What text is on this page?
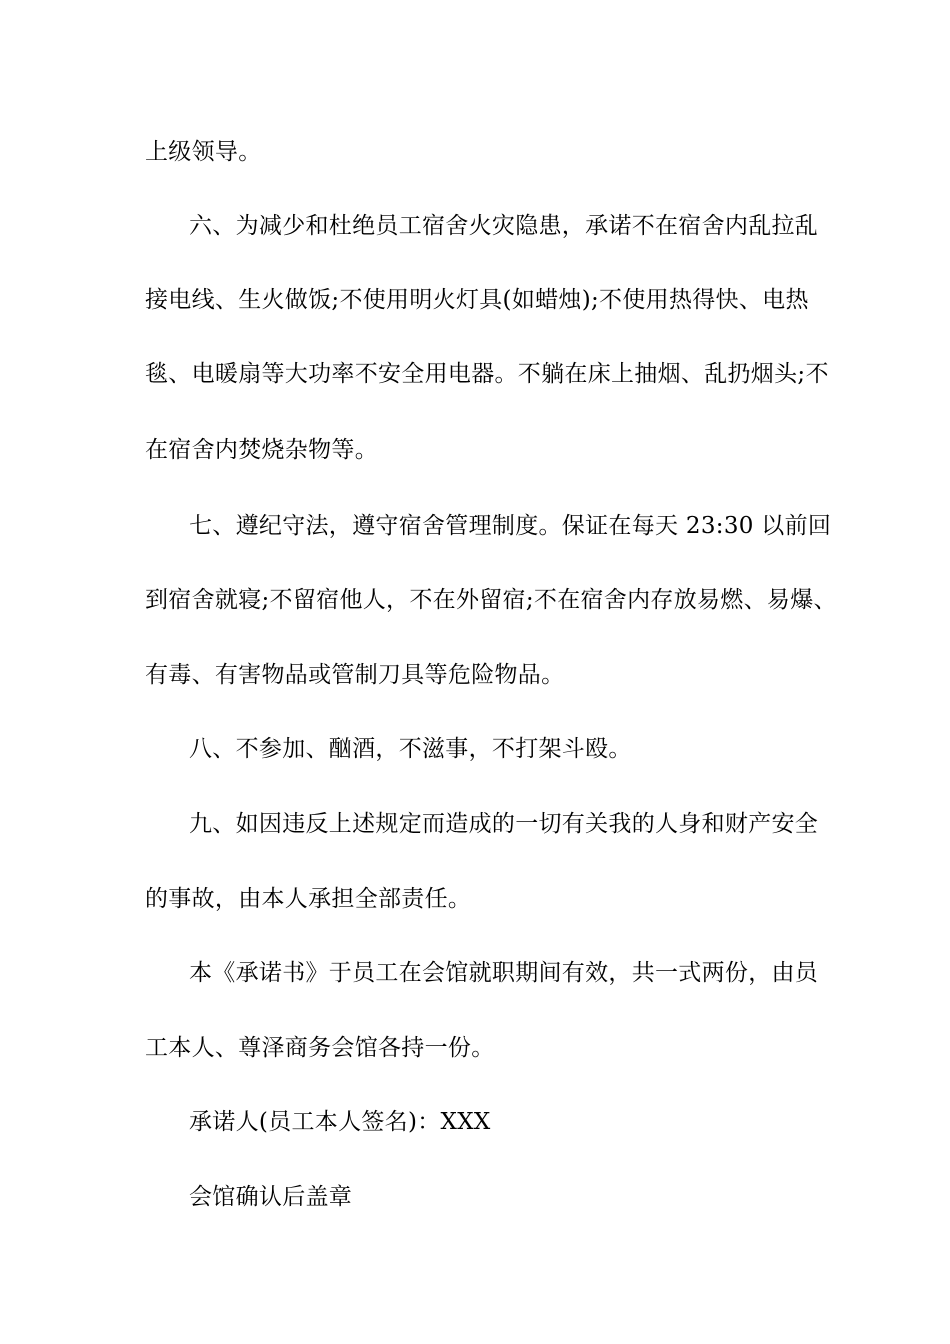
上级领导。
六、为减少和杜绝员工宿舍火灾隐患，承诺不在宿舍内乱拉乱
接电线、生火做饭;不使用明火灯具(如蜡烛);不使用热得快、电热
毯、电暖扇等大功率不安全用电器。不躺在床上抽烟、乱扔烟头;不
在宿舍内焚烧杂物等。
七、遵纪守法，遵守宿舍管理制度。保证在每天 23:30 以前回
到宿舍就寝;不留宿他人，不在外留宿;不在宿舍内存放易燃、易爆、
有毒、有害物品或管制刀具等危险物品。
八、不参加、酗酒，不滋事，不打架斗殴。
九、如因违反上述规定而造成的一切有关我的人身和财产安全
的事故，由本人承担全部责任。
本《承诺书》于员工在会馆就职期间有效，共一式两份，由员
工本人、尊泽商务会馆各持一份。
承诺人(员工本人签名)：XXX
会馆确认后盖章
